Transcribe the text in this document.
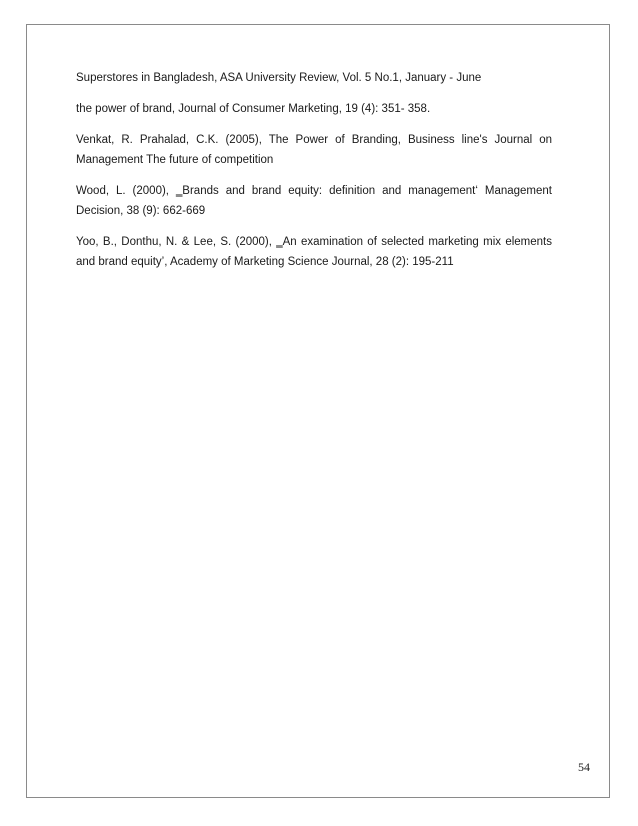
Superstores in Bangladesh, ASA University Review, Vol. 5 No.1, January - June

the power of brand, Journal of Consumer Marketing, 19 (4): 351- 358.

Venkat, R. Prahalad, C.K. (2005), The Power of Branding, Business line's Journal on Management The future of competition

Wood, L. (2000), ‗Brands and brand equity: definition and management‘ Management Decision, 38 (9): 662-669

Yoo, B., Donthu, N. & Lee, S. (2000), ‗An examination of selected marketing mix elements and brand equity’, Academy of Marketing Science Journal, 28 (2): 195-211

54
